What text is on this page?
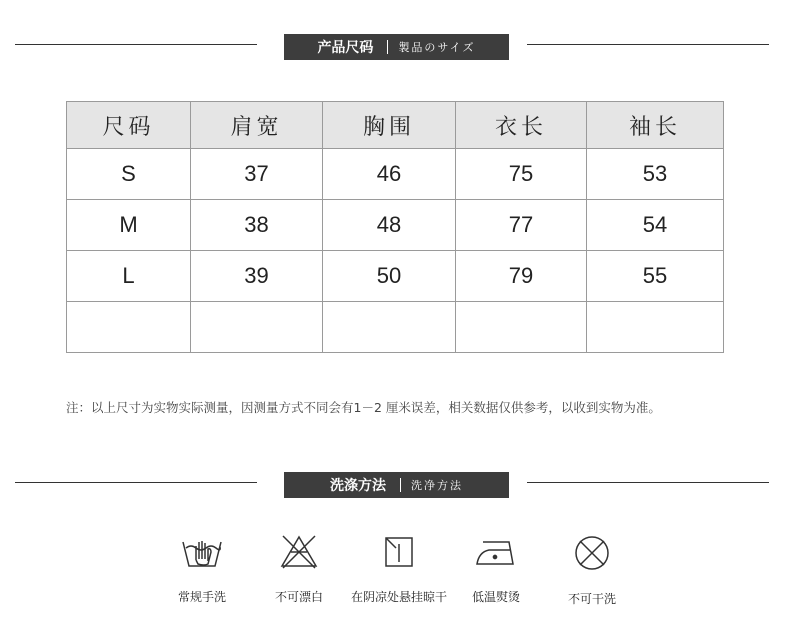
产品尺码 製品のサイズ
尺码	肩宽	胸围	衣长	袖长
S	37	46	75	53
M	38	48	77	54
L	39	50	79	55

注：以上尺寸为实物实际测量，因测量方式不同会有1－2 厘米误差，相关数据仅供参考，以收到实物为准。
洗涤方法 洗净方法
常规手洗	不可漂白	在阴凉处悬挂晾干	低温熨烫	不可干洗
